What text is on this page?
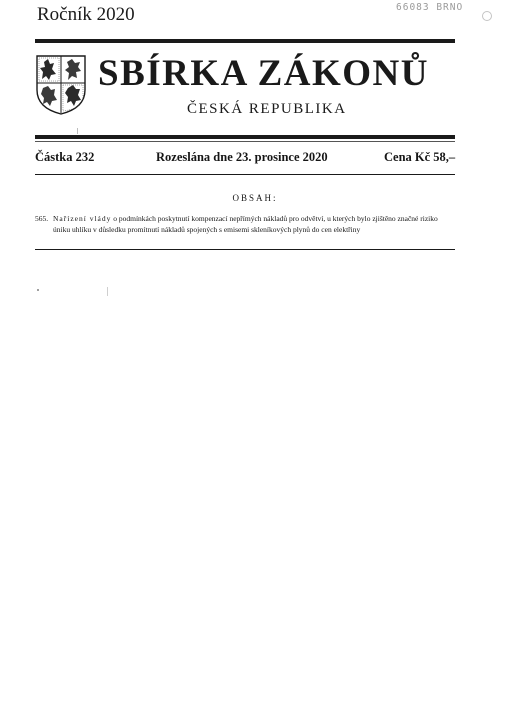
Ročník 2020	66083 BRNO
SBÍRKA ZÁKONŮ
ČESKÁ REPUBLIKA
Částka 232	Rozeslána dne 23. prosince 2020	Cena Kč 58,–
OBSAH:
565. Nařízení vlády o podmínkách poskytnutí kompenzací nepřímých nákladů pro odvětví, u kterých bylo zjištěno značné riziko úniku uhlíku v důsledku promítnutí nákladů spojených s emisemi skleníkových plynů do cen elektřiny
